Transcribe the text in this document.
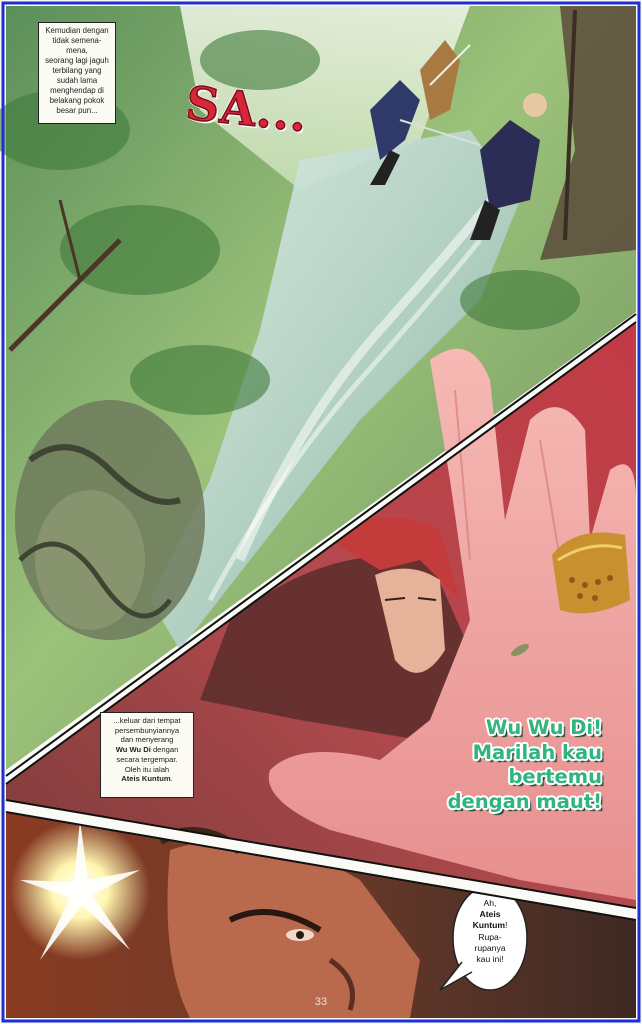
Kemudian dengan
tidak semena-mena,
seorang lagi jaguh
terbilang yang
sudah lama
menghendap di
belakang pokok
besar pun... SA...
...keluar dari tempat
persembunyiannya
dan menyerang
Wu Wu Di dengan
secara tergempar.
Oleh itu ialah
Ateis Kuntum.
Wu Wu Di!
Marilah kau
bertemu
dengan maut!
Ah,
Ateis
Kuntum!
Rupa-
rupanya
kau ini!
33
